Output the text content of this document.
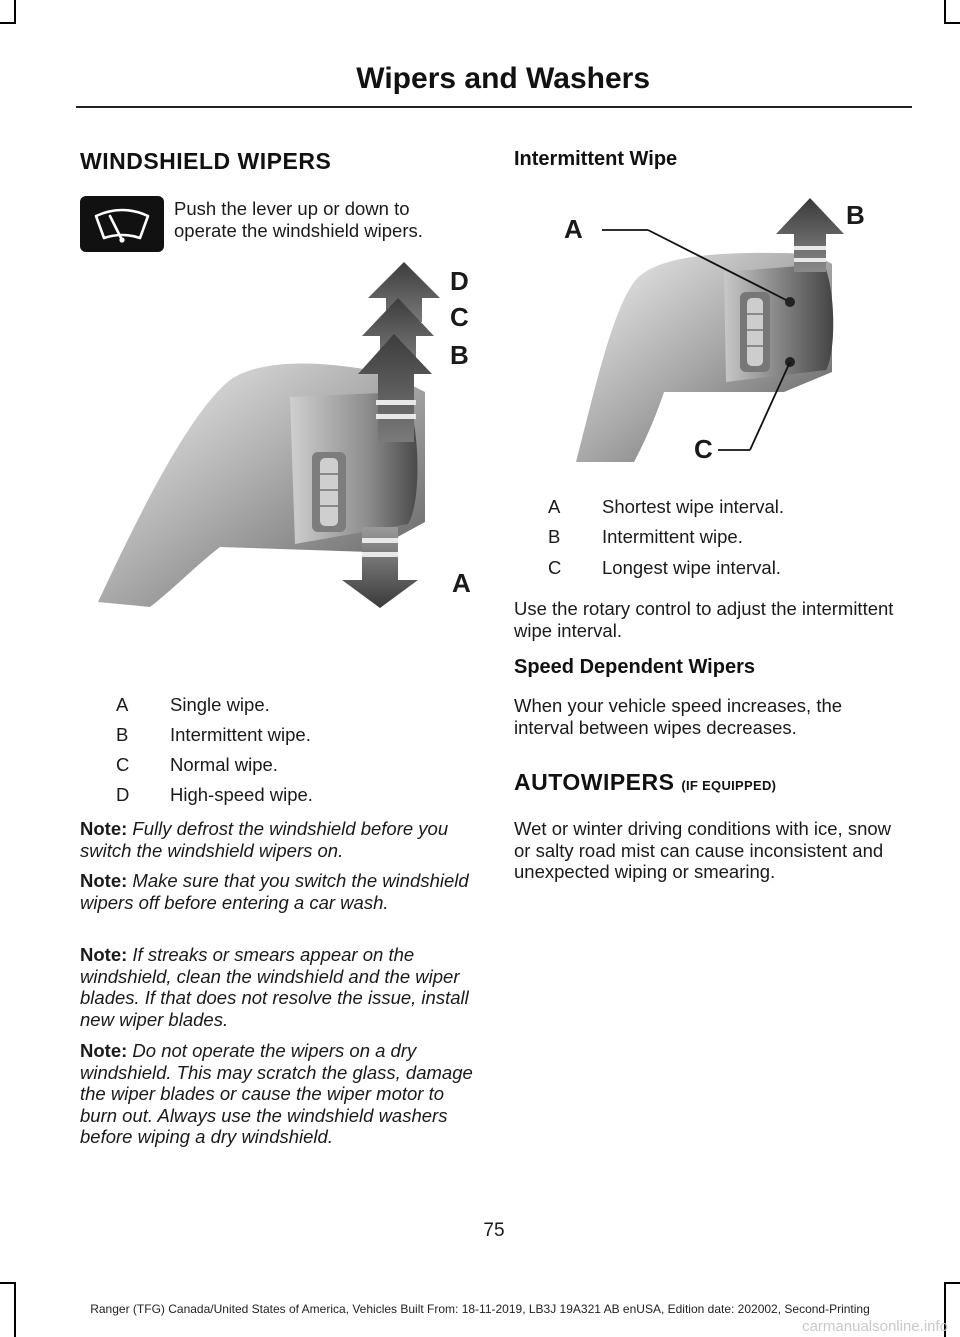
Wipers and Washers
WINDSHIELD WIPERS
Push the lever up or down to operate the windshield wipers.
D
C
B
A
A Single wipe.
B Intermittent wipe.
C Normal wipe.
D High-speed wipe.
Note: Fully defrost the windshield before you switch the windshield wipers on.
Note: Make sure that you switch the windshield wipers off before entering a car wash.
Note: If streaks or smears appear on the windshield, clean the windshield and the wiper blades. If that does not resolve the issue, install new wiper blades.
Note: Do not operate the wipers on a dry windshield. This may scratch the glass, damage the wiper blades or cause the wiper motor to burn out. Always use the windshield washers before wiping a dry windshield.
Intermittent Wipe
A	B
C
A Shortest wipe interval.
B Intermittent wipe.
C Longest wipe interval.
Use the rotary control to adjust the intermittent wipe interval.
Speed Dependent Wipers
When your vehicle speed increases, the interval between wipes decreases.
AUTOWIPERS (IF EQUIPPED)
Wet or winter driving conditions with ice, snow or salty road mist can cause inconsistent and unexpected wiping or smearing.
75
Ranger (TFG) Canada/United States of America, Vehicles Built From: 18-11-2019, LB3J 19A321 AB enUSA, Edition date: 202002, Second-Printing
carmanualsonline.info
